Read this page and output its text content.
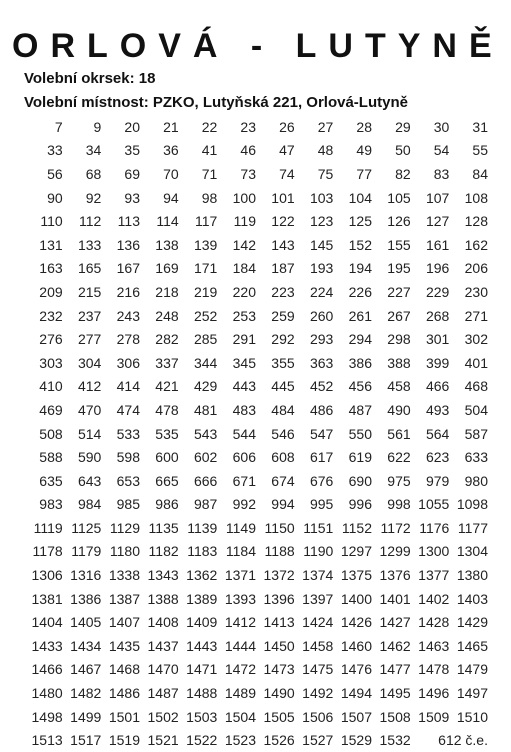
ORLOVÁ - LUTYNĚ
Volební okrsek: 18
Volební místnost: PZKO, Lutyňská 221, Orlová-Lutyně
7	9	20	21	22	23	26	27	28	29	30	31
33	34	35	36	41	46	47	48	49	50	54	55
56	68	69	70	71	73	74	75	77	82	83	84
90	92	93	94	98	100	101	103	104	105	107	108
110	112	113	114	117	119	122	123	125	126	127	128
131	133	136	138	139	142	143	145	152	155	161	162
163	165	167	169	171	184	187	193	194	195	196	206
209	215	216	218	219	220	223	224	226	227	229	230
232	237	243	248	252	253	259	260	261	267	268	271
276	277	278	282	285	291	292	293	294	298	301	302
303	304	306	337	344	345	355	363	386	388	399	401
410	412	414	421	429	443	445	452	456	458	466	468
469	470	474	478	481	483	484	486	487	490	493	504
508	514	533	535	543	544	546	547	550	561	564	587
588	590	598	600	602	606	608	617	619	622	623	633
635	643	653	665	666	671	674	676	690	975	979	980
983	984	985	986	987	992	994	995	996	998 1055 1098
1119 1125 1129 1135 1139 1149 1150 1151 1152 1172 1176 1177
1178 1179 1180 1182 1183 1184 1188 1190 1297 1299 1300 1304
1306 1316 1338 1343 1362 1371 1372 1374 1375 1376 1377 1380
1381 1386 1387 1388 1389 1393 1396 1397 1400 1401 1402 1403
1404 1405 1407 1408 1409 1412 1413 1424 1426 1427 1428 1429
1433 1434 1435 1437 1443 1444 1450 1458 1460 1462 1463 1465
1466 1467 1468 1470 1471 1472 1473 1475 1476 1477 1478 1479
1480 1482 1486 1487 1488 1489 1490 1492 1494 1495 1496 1497
1498 1499 1501 1502 1503 1504 1505 1506 1507 1508 1509 1510
1513 1517 1519 1521 1522 1523 1526 1527 1529 1532	612 č.e.
